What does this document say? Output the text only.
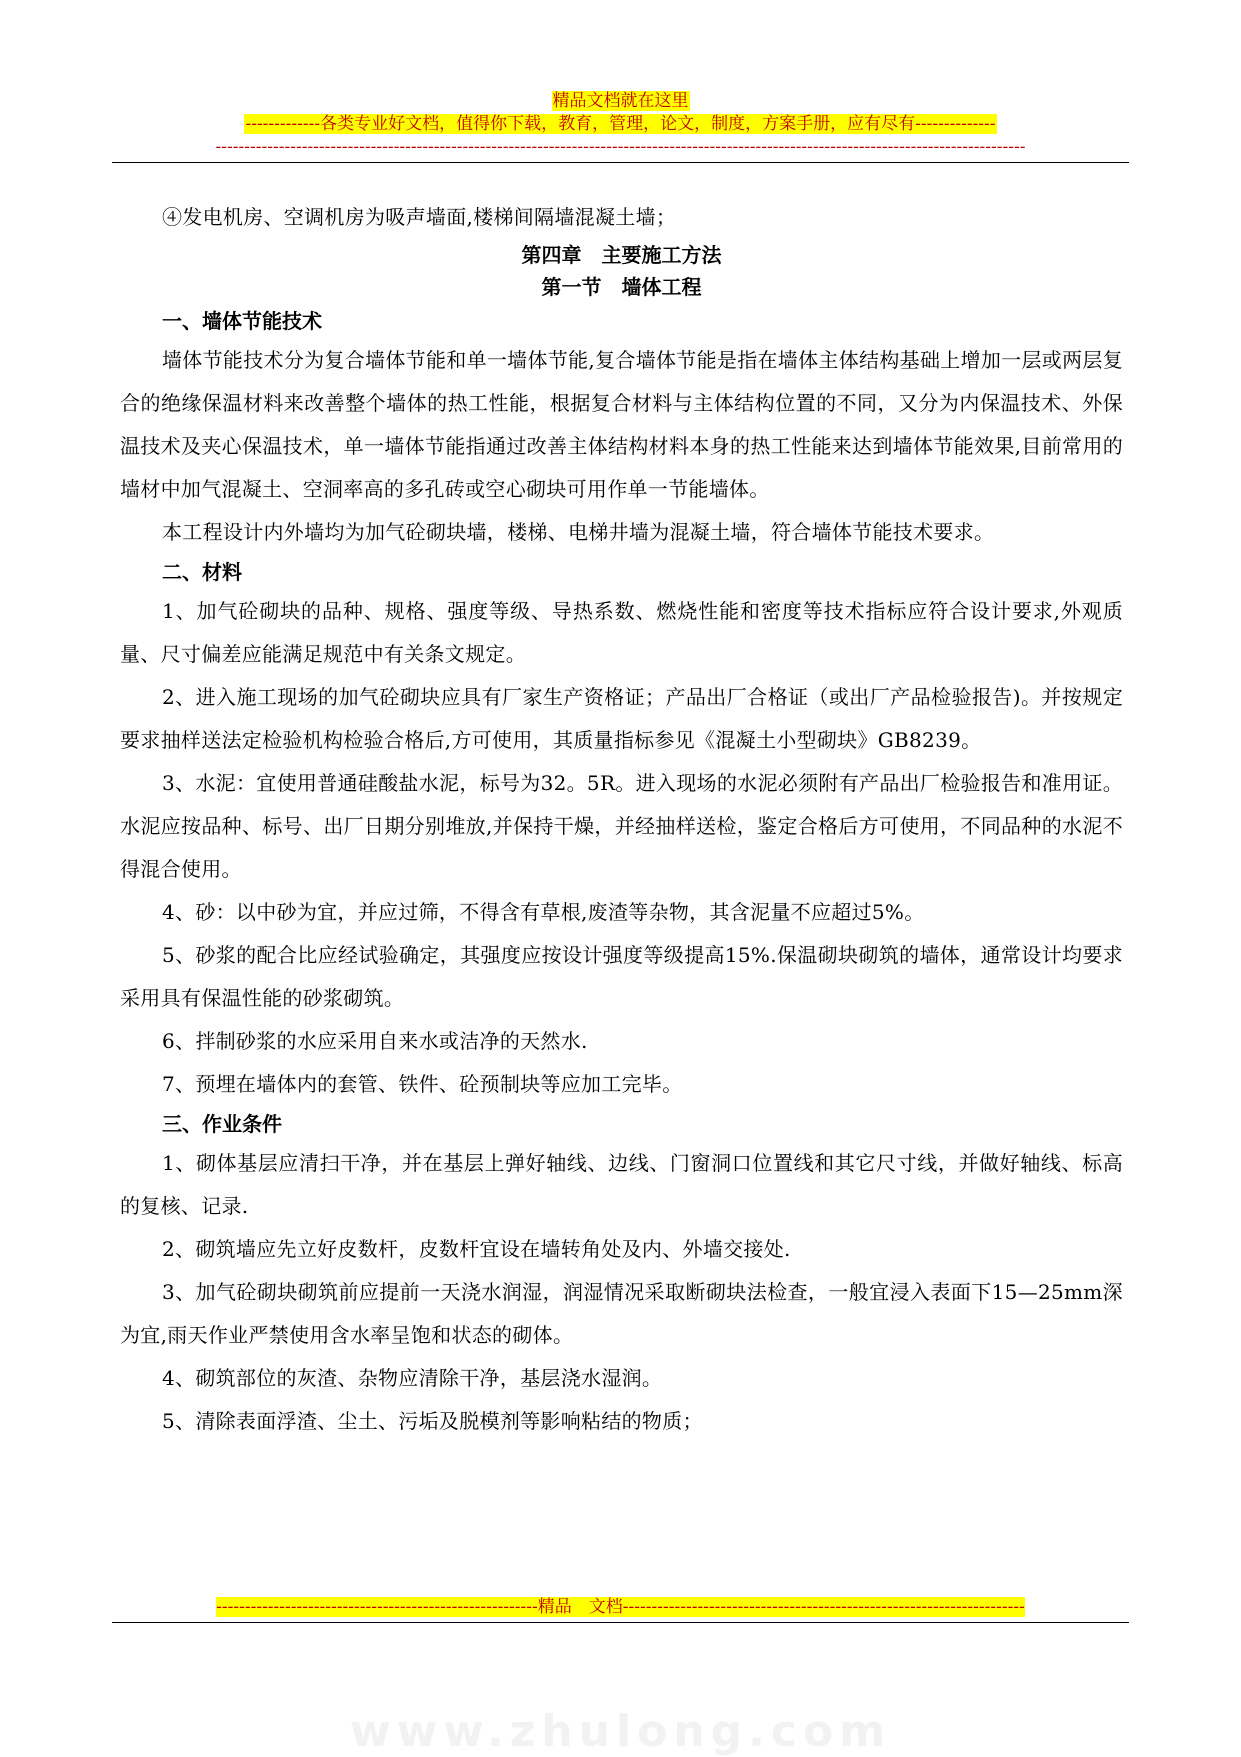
精品文档就在这里
-------------各类专业好文档，值得你下载，教育，管理，论文，制度，方案手册，应有尽有--------------
---------------------------------------------------------------------------------------------------------------------------------------------

④发电机房、空调机房为吸声墙面,楼梯间隔墙混凝土墙；

第四章　主要施工方法

第一节　墙体工程

一、墙体节能技术

墙体节能技术分为复合墙体节能和单一墙体节能,复合墙体节能是指在墙体主体结构基础上增加一层或两层复合的绝缘保温材料来改善整个墙体的热工性能，根据复合材料与主体结构位置的不同，又分为内保温技术、外保温技术及夹心保温技术，单一墙体节能指通过改善主体结构材料本身的热工性能来达到墙体节能效果,目前常用的墙材中加气混凝土、空洞率高的多孔砖或空心砌块可用作单一节能墙体。

本工程设计内外墙均为加气砼砌块墙，楼梯、电梯井墙为混凝土墙，符合墙体节能技术要求。

二、材料

1、加气砼砌块的品种、规格、强度等级、导热系数、燃烧性能和密度等技术指标应符合设计要求,外观质量、尺寸偏差应能满足规范中有关条文规定。

2、进入施工现场的加气砼砌块应具有厂家生产资格证；产品出厂合格证（或出厂产品检验报告)。并按规定要求抽样送法定检验机构检验合格后,方可使用，其质量指标参见《混凝土小型砌块》GB8239。

3、水泥：宜使用普通硅酸盐水泥，标号为32。5R。进入现场的水泥必须附有产品出厂检验报告和准用证。水泥应按品种、标号、出厂日期分别堆放,并保持干燥，并经抽样送检，鉴定合格后方可使用，不同品种的水泥不得混合使用。

4、砂：以中砂为宜，并应过筛，不得含有草根,废渣等杂物，其含泥量不应超过5%。

5、砂浆的配合比应经试验确定，其强度应按设计强度等级提高15%.保温砌块砌筑的墙体，通常设计均要求采用具有保温性能的砂浆砌筑。

6、拌制砂浆的水应采用自来水或洁净的天然水.

7、预埋在墙体内的套管、铁件、砼预制块等应加工完毕。

三、作业条件

1、砌体基层应清扫干净，并在基层上弹好轴线、边线、门窗洞口位置线和其它尺寸线，并做好轴线、标高的复核、记录.

2、砌筑墙应先立好皮数杆，皮数杆宜设在墙转角处及内、外墙交接处.

3、加气砼砌块砌筑前应提前一天浇水润湿，润湿情况采取断砌块法检查，一般宜浸入表面下15—25mm深为宜,雨天作业严禁使用含水率呈饱和状态的砌体。

4、砌筑部位的灰渣、杂物应清除干净，基层浇水湿润。

5、清除表面浮渣、尘土、污垢及脱模剂等影响粘结的物质；

--------------------------------------------------------精品　文档----------------------------------------------------------------------
www.zhulong.com
